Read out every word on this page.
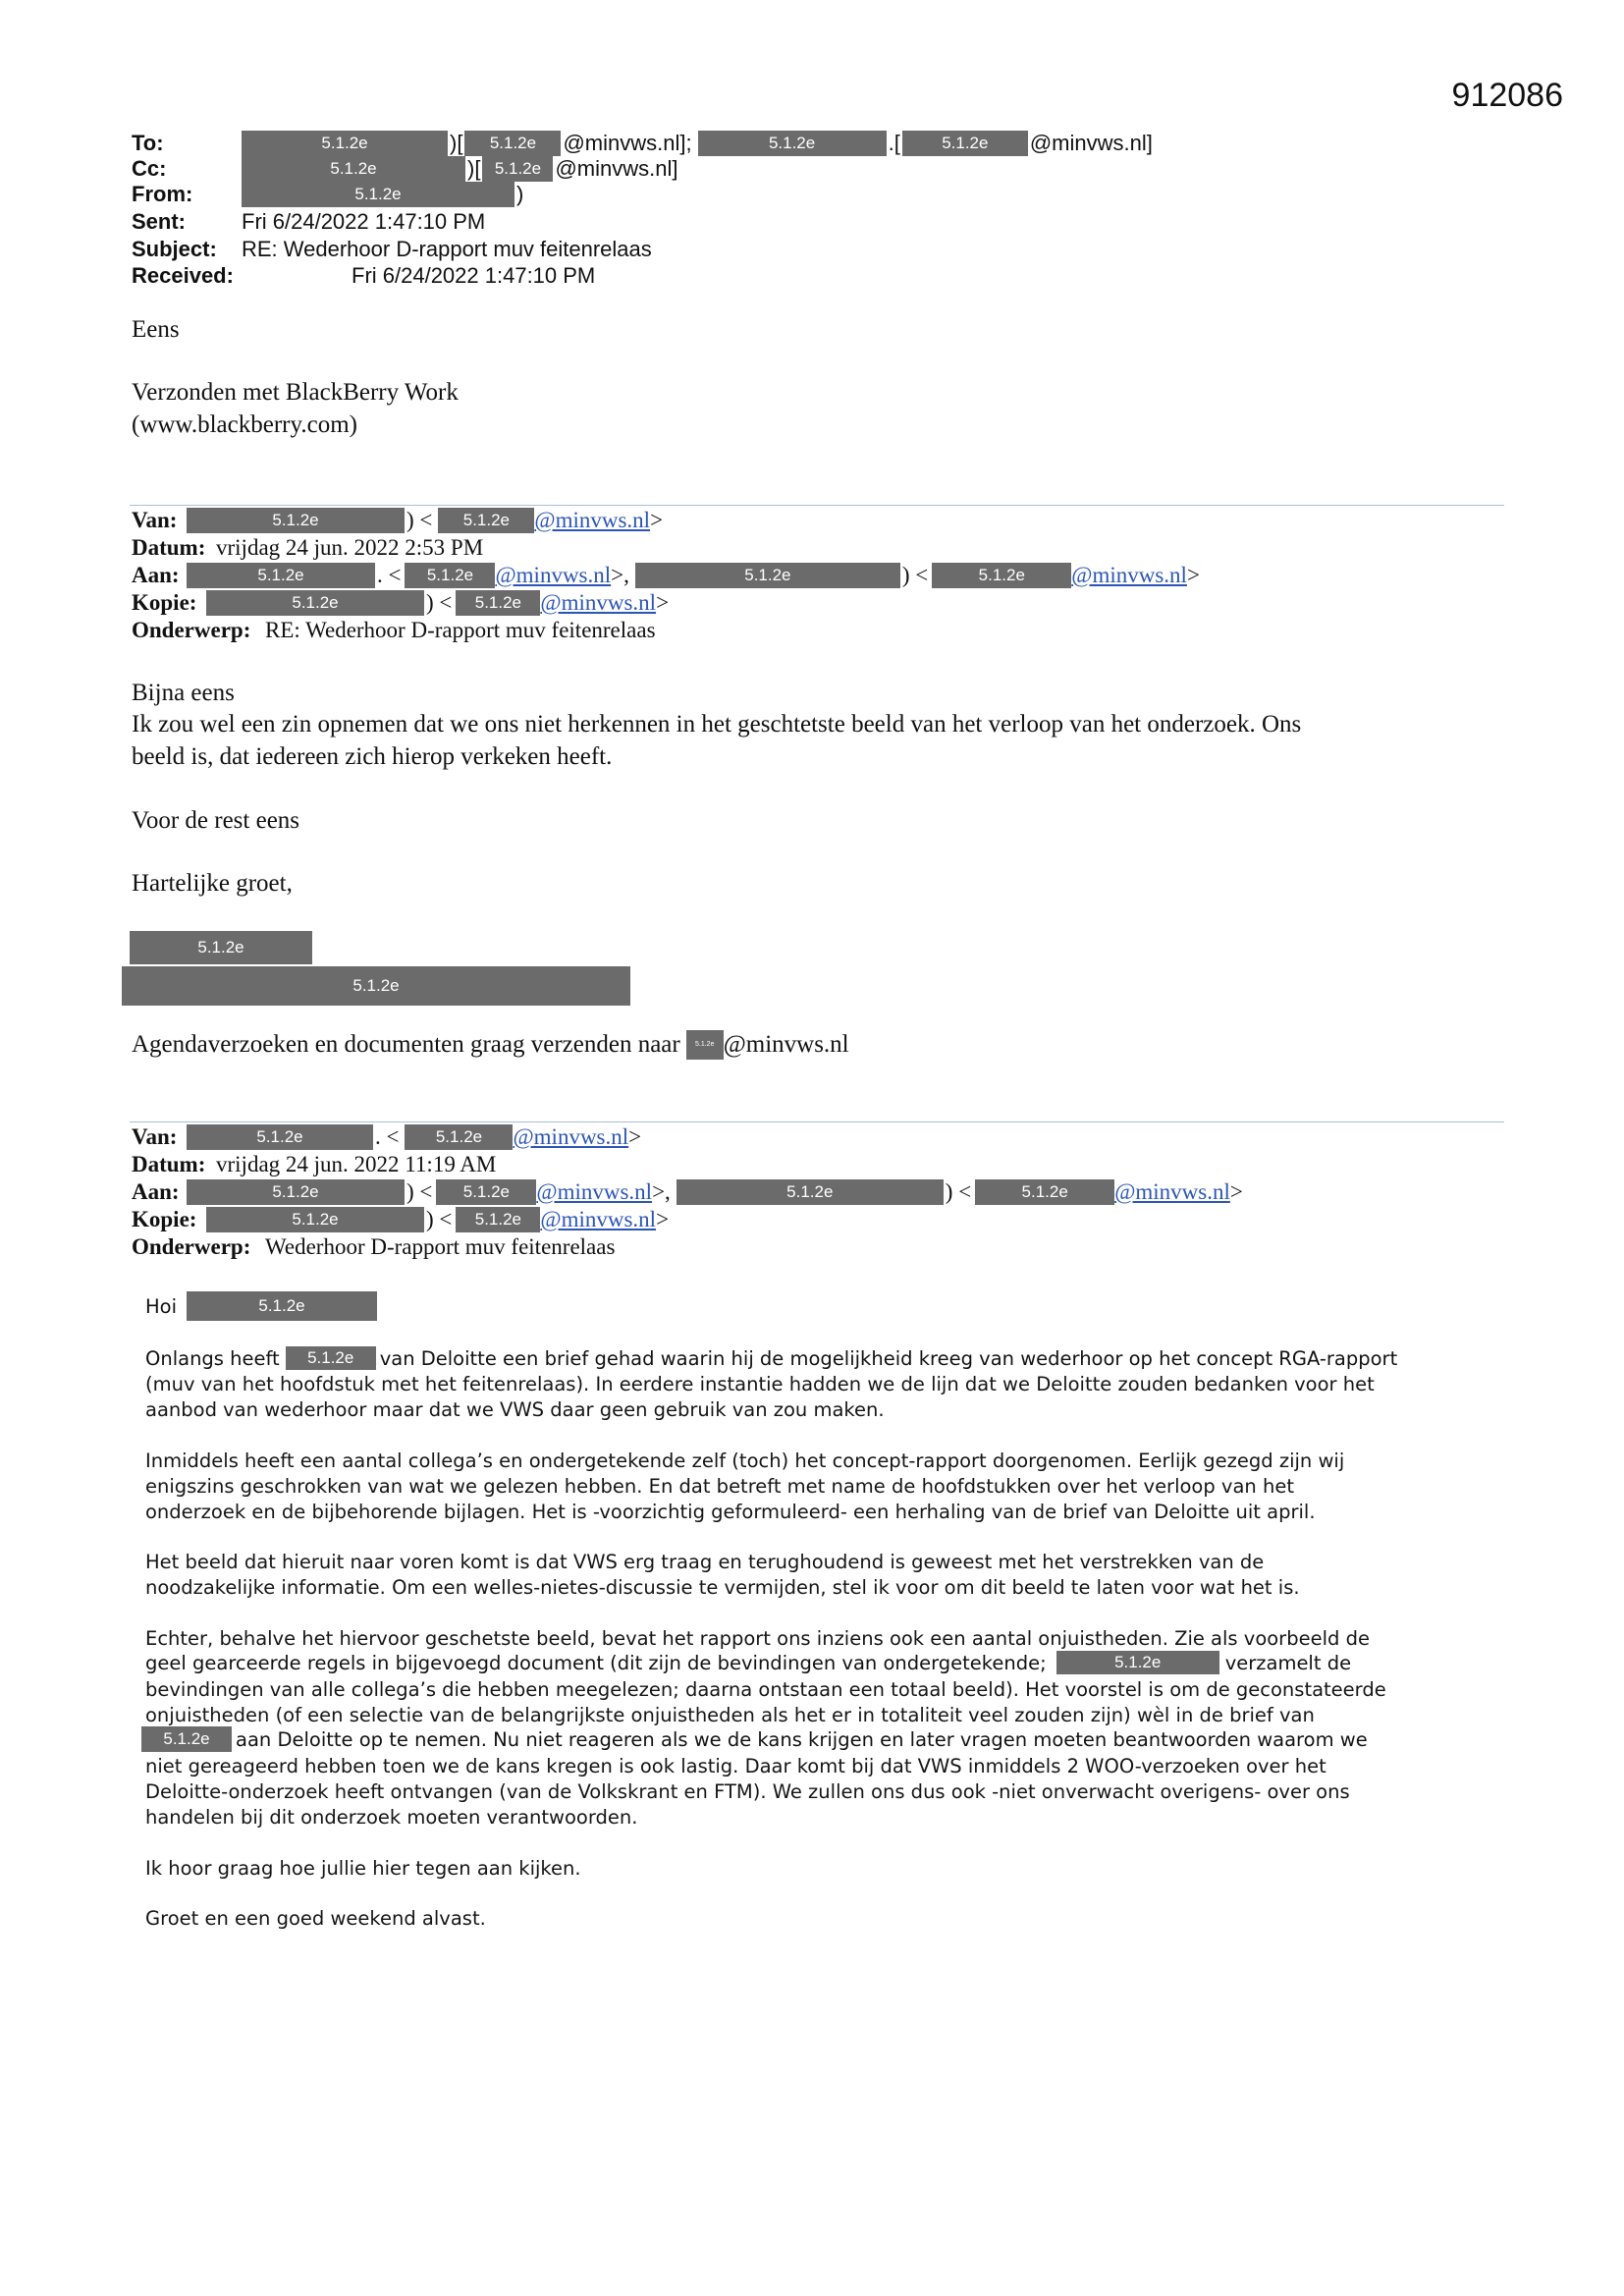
912086
To:	5.1.2e	)[	5.1.2e	@minvws.nl];	5.1.2e	.[	5.1.2e	@minvws.nl]
Cc:	5.1.2e	)[ 5.1.2e @minvws.nl]
From:	5.1.2e	)
Sent:	Fri 6/24/2022 1:47:10 PM
Subject:	RE: Wederhoor D-rapport muv feitenrelaas
Received:	Fri 6/24/2022 1:47:10 PM
Eens
Verzonden met BlackBerry Work
(www.blackberry.com)
Van:	5.1.2e	) <	5.1.2e	@minvws.nl >
Datum: vrijdag 24 jun. 2022 2:53 PM
Aan:	5.1.2e	. <	5.1.2e @minvws.nl >,	5.1.2e	) <	5.1.2e	@minvws.nl >
Kopie:	5.1.2e	) <	5.1.2e @minvws.nl >
Onderwerp: RE: Wederhoor D-rapport muv feitenrelaas
Bijna eens
Ik zou wel een zin opnemen dat we ons niet herkennen in het geschtetste beeld van het verloop van het onderzoek. Ons
beeld is, dat iedereen zich hierop verkeken heeft.
Voor de rest eens
Hartelijke groet,
5.1.2e
5.1.2e
Agendaverzoeken en documenten graag verzenden naar	5.1.2e @minvws.nl
Van:	5.1.2e	. <	5.1.2e	@minvws.nl >
Datum: vrijdag 24 jun. 2022 11:19 AM
Aan:	5.1.2e	) <	5.1.2e	@minvws.nl >,	5.1.2e	) <	5.1.2e	@minvws.nl >
Kopie:	5.1.2e	) <	5.1.2e @minvws.nl >
Onderwerp: Wederhoor D-rapport muv feitenrelaas
Hoi	5.1.2e
Onlangs heeft	5.1.2e	van Deloitte een brief gehad waarin hij de mogelijkheid kreeg van wederhoor op het concept RGA-rapport
(muv van het hoofdstuk met het feitenrelaas). In eerdere instantie hadden we de lijn dat we Deloitte zouden bedanken voor het
aanbod van wederhoor maar dat we VWS daar geen gebruik van zou maken.
Inmiddels heeft een aantal collega’s en ondergetekende zelf (toch) het concept-rapport doorgenomen. Eerlijk gezegd zijn wij
enigszins geschrokken van wat we gelezen hebben. En dat betreft met name de hoofdstukken over het verloop van het
onderzoek en de bijbehorende bijlagen. Het is -voorzichtig geformuleerd- een herhaling van de brief van Deloitte uit april.
Het beeld dat hieruit naar voren komt is dat VWS erg traag en terughoudend is geweest met het verstrekken van de
noodzakelijke informatie. Om een welles-nietes-discussie te vermijden, stel ik voor om dit beeld te laten voor wat het is.
Echter, behalve het hiervoor geschetste beeld, bevat het rapport ons inziens ook een aantal onjuistheden. Zie als voorbeeld de
geel gearceerde regels in bijgevoegd document (dit zijn de bevindingen van ondergetekende;	5.1.2e	verzamelt de
bevindingen van alle collega’s die hebben meegelezen; daarna ontstaan een totaal beeld). Het voorstel is om de geconstateerde
onjuistheden (of een selectie van de belangrijkste onjuistheden als het er in totaliteit veel zouden zijn) wèl in de brief van
5.1.2e	aan Deloitte op te nemen. Nu niet reageren als we de kans krijgen en later vragen moeten beantwoorden waarom we
niet gereageerd hebben toen we de kans kregen is ook lastig. Daar komt bij dat VWS inmiddels 2 WOO-verzoeken over het
Deloitte-onderzoek heeft ontvangen (van de Volkskrant en FTM). We zullen ons dus ook -niet onverwacht overigens- over ons
handelen bij dit onderzoek moeten verantwoorden.
Ik hoor graag hoe jullie hier tegen aan kijken.
Groet en een goed weekend alvast.
